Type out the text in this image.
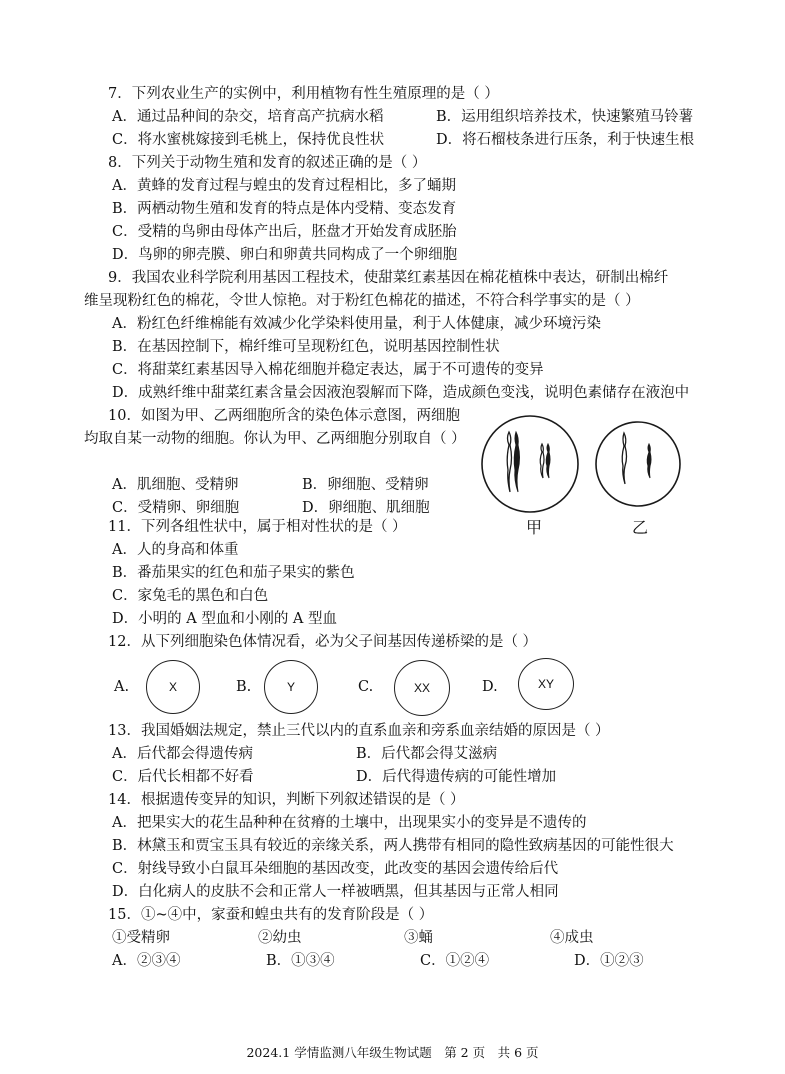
7．下列农业生产的实例中，利用植物有性生殖原理的是（ ）
A．通过品种间的杂交，培育高产抗病水稻	B．运用组织培养技术，快速繁殖马铃薯
C．将水蜜桃嫁接到毛桃上，保持优良性状	D．将石榴枝条进行压条，利于快速生根
8．下列关于动物生殖和发育的叙述正确的是（ ）
A．黄蜂的发育过程与蝗虫的发育过程相比，多了蛹期
B．两栖动物生殖和发育的特点是体内受精、变态发育
C．受精的鸟卵由母体产出后，胚盘才开始发育成胚胎
D．鸟卵的卵壳膜、卵白和卵黄共同构成了一个卵细胞
9．我国农业科学院利用基因工程技术，使甜菜红素基因在棉花植株中表达，研制出棉纤
维呈现粉红色的棉花，令世人惊艳。对于粉红色棉花的描述，不符合科学事实的是（ ）
A．粉红色纤维棉能有效减少化学染料使用量，利于人体健康，减少环境污染
B．在基因控制下，棉纤维可呈现粉红色，说明基因控制性状
C．将甜菜红素基因导入棉花细胞并稳定表达，属于不可遗传的变异
D．成熟纤维中甜菜红素含量会因液泡裂解而下降，造成颜色变浅，说明色素储存在液泡中
10．如图为甲、乙两细胞所含的染色体示意图，两细胞
均取自某一动物的细胞。你认为甲、乙两细胞分别取自（ ）
A．肌细胞、受精卵	B．卵细胞、受精卵
C．受精卵、卵细胞	D．卵细胞、肌细胞
甲	乙
11．下列各组性状中，属于相对性状的是（ ）
A．人的身高和体重
B．番茄果实的红色和茄子果实的紫色
C．家兔毛的黑色和白色
D．小明的 A 型血和小刚的 A 型血
12．从下列细胞染色体情况看，必为父子间基因传递桥梁的是（ ）
A.	X	B.	Y	C.	XX	D.	XY
13．我国婚姻法规定，禁止三代以内的直系血亲和旁系血亲结婚的原因是（ ）
A．后代都会得遗传病	B．后代都会得艾滋病
C．后代长相都不好看	D．后代得遗传病的可能性增加
14．根据遗传变异的知识，判断下列叙述错误的是（ ）
A．把果实大的花生品种种在贫瘠的土壤中，出现果实小的变异是不遗传的
B．林黛玉和贾宝玉具有较近的亲缘关系，两人携带有相同的隐性致病基因的可能性很大
C．射线导致小白鼠耳朵细胞的基因改变，此改变的基因会遗传给后代
D．白化病人的皮肤不会和正常人一样被晒黑，但其基因与正常人相同
15．①~④中，家蚕和蝗虫共有的发育阶段是（ ）
①受精卵	②幼虫	③蛹	④成虫
A．②③④	B．①③④	C．①②④	D．①②③
2024.1 学情监测八年级生物试题　第 2 页　共 6 页
